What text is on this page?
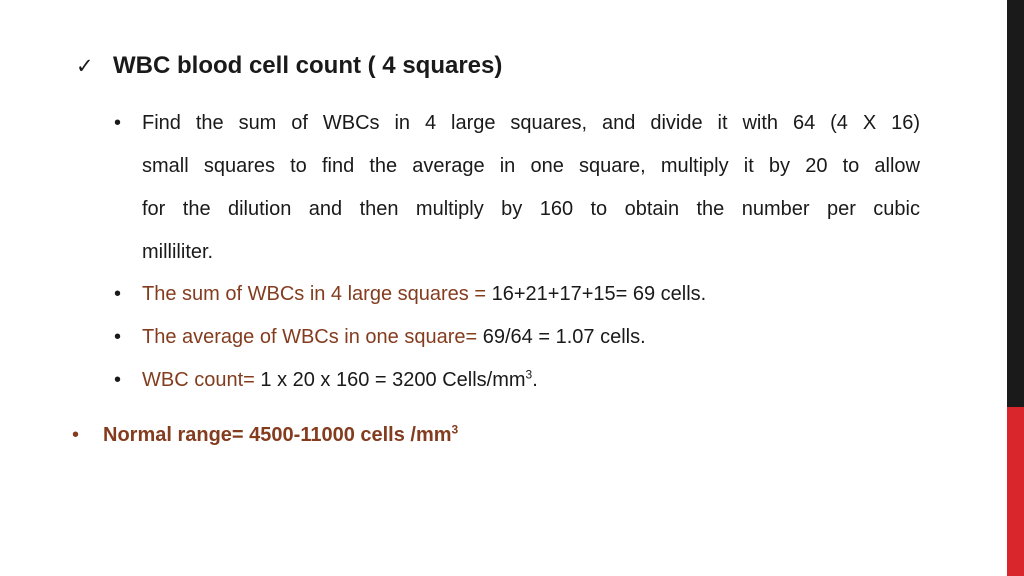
✓ WBC blood cell count ( 4 squares)
• Find the sum of WBCs in 4 large squares, and divide it with 64 (4 X 16)
small squares to find the average in one square, multiply it by 20 to allow
for the dilution and then multiply by 160 to obtain the number per cubic
milliliter.
• The sum of WBCs in 4 large squares = 16+21+17+15= 69 cells.
• The average of WBCs in one square= 69/64 = 1.07 cells.
• WBC count= 1 x 20 x 160 = 3200 Cells/$mm^3$.
• Normal range= 4500-11000 cells $/mm^3$
